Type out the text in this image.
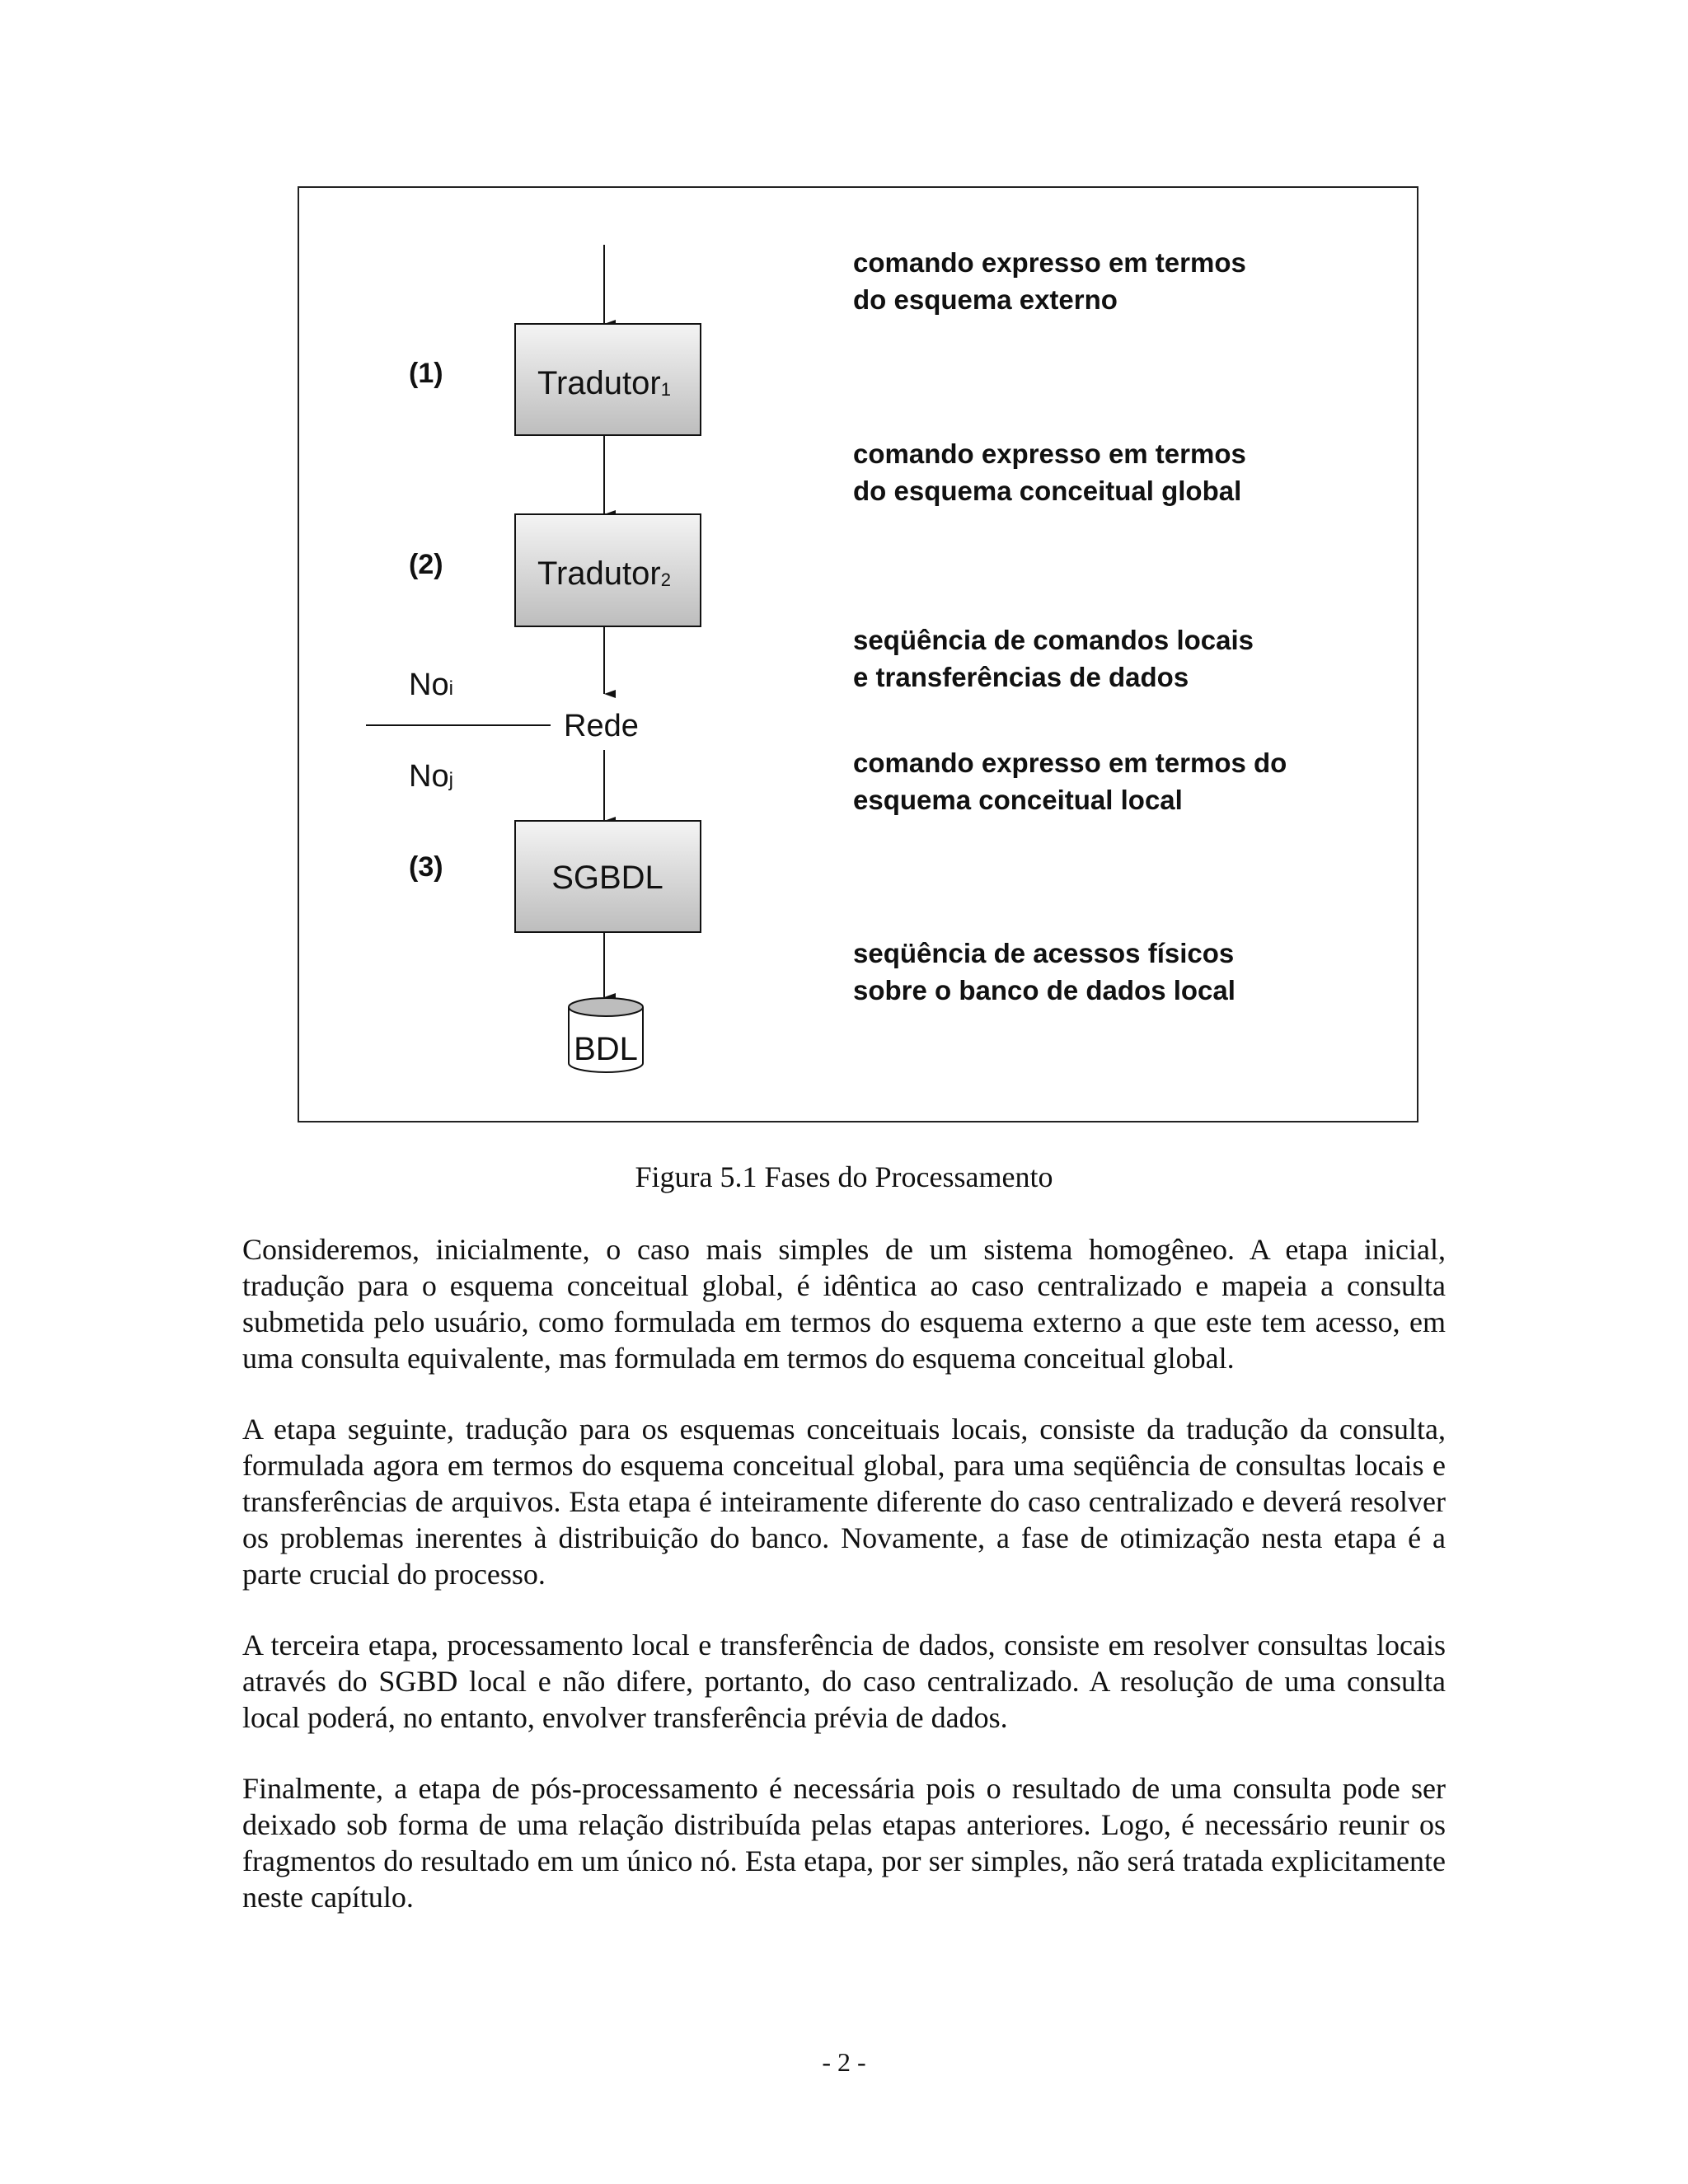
Tradutor1
Tradutor2
SGBDL
BDL
(1)
(2)
(3)
Noi
Noj
Rede
comando expresso em termos
do esquema externo
comando expresso em termos
do esquema conceitual global
seqüência de comandos locais
e transferências de dados
comando expresso em termos do
esquema conceitual local
seqüência de acessos físicos
sobre o banco de dados local
Figura 5.1 Fases do Processamento

Consideremos, inicialmente, o caso mais simples de um sistema homogêneo. A etapa inicial, tradução para o esquema conceitual global, é idêntica ao caso centralizado e mapeia a consulta submetida pelo usuário, como formulada em termos do esquema externo a que este tem acesso, em uma consulta equivalente, mas formulada em termos do esquema conceitual global.

A etapa seguinte, tradução para os esquemas conceituais locais, consiste da tradução da consulta, formulada agora em termos do esquema conceitual global, para uma seqüência de consultas locais e transferências de arquivos. Esta etapa é inteiramente diferente do caso centralizado e deverá resolver os problemas inerentes à distribuição do banco. Novamente, a fase de otimização nesta etapa é a parte crucial do processo.

A terceira etapa, processamento local e transferência de dados, consiste em resolver consultas locais através do SGBD local e não difere, portanto, do caso centralizado. A resolução de uma consulta local poderá, no entanto, envolver transferência prévia de dados.

Finalmente, a etapa de pós-processamento é necessária pois o resultado de uma consulta pode ser deixado sob forma de uma relação distribuída pelas etapas anteriores. Logo, é necessário reunir os fragmentos do resultado em um único nó. Esta etapa, por ser simples, não será tratada explicitamente neste capítulo.

- 2 -
